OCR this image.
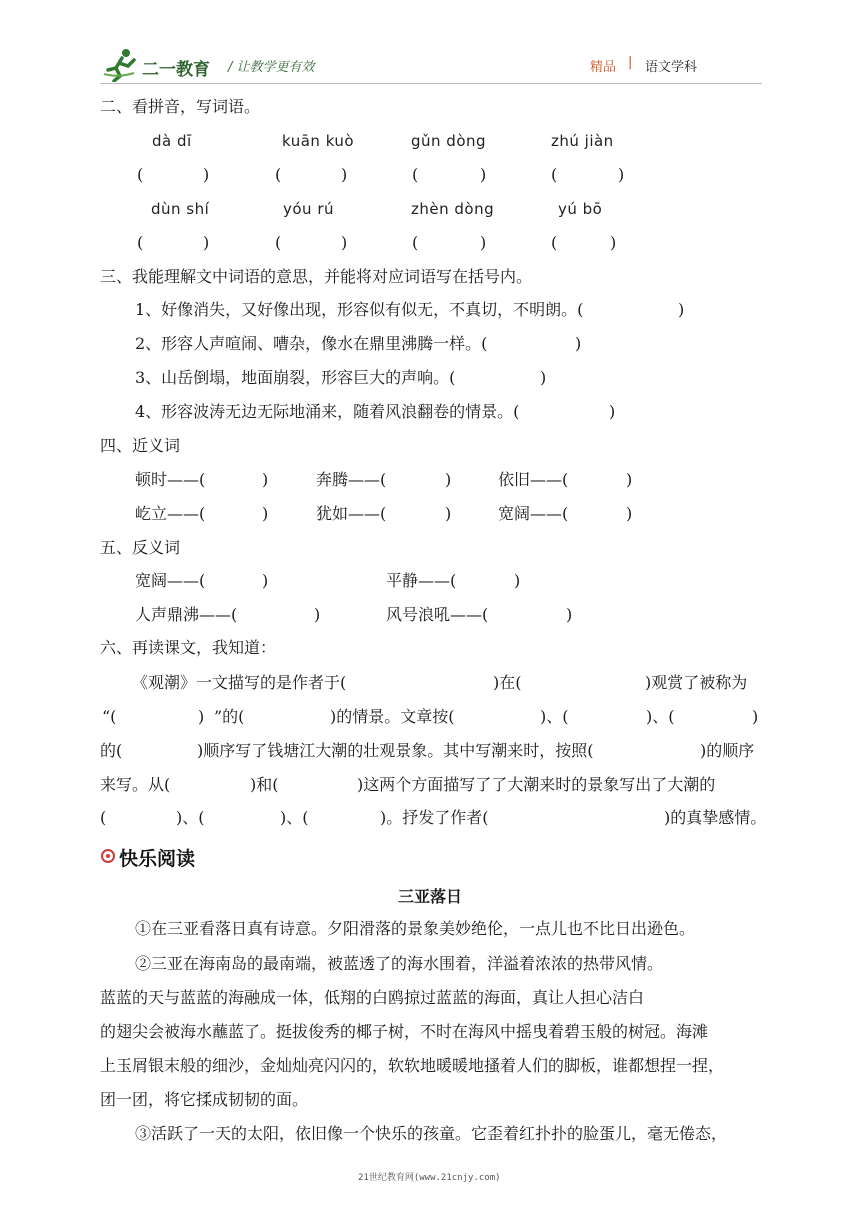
二一教育 / 让教学更有效	精品 | 语文学科
二、看拼音，写词语。
dà dī	kuān kuò	gǔn dòng	zhú jiàn
(	)	(	)	(	)	(	)
dùn shí	yóu rú	zhèn dòng	yú bō
(	)	(	)	(	)	(	)
三、我能理解文中词语的意思，并能将对应词语写在括号内。
1、好像消失，又好像出现，形容似有似无，不真切，不明朗。(	)
2、形容人声喧闹、嘈杂，像水在鼎里沸腾一样。(	)
3、山岳倒塌，地面崩裂，形容巨大的声响。(	)
4、形容波涛无边无际地涌来，随着风浪翻卷的情景。(	)
四、近义词
顿时——(	)	奔腾——(	)	依旧——(	)
屹立——(	)	犹如——(	)	宽阔——(	)
五、反义词
宽阔——(	)	平静——(	)
人声鼎沸——(	)	风号浪吼——(	)
六、再读课文，我知道：
《观潮》一文描写的是作者于(	)在(	)观赏了被称为
“(	) ”的(	)的情景。文章按(	)、(	)、(	)
的(	)顺序写了钱塘江大潮的壮观景象。其中写潮来时，按照(	)的顺序
来写。从(	)和(	)这两个方面描写了了大潮来时的景象写出了大潮的
(	)、(	)、(	)。抒发了作者(	)的真挚感情。
快乐阅读
三亚落日
①在三亚看落日真有诗意。夕阳滑落的景象美妙绝伦，一点儿也不比日出逊色。
②三亚在海南岛的最南端，被蓝透了的海水围着，洋溢着浓浓的热带风情。
蓝蓝的天与蓝蓝的海融成一体，低翔的白鸥掠过蓝蓝的海面，真让人担心洁白
的翅尖会被海水蘸蓝了。挺拔俊秀的椰子树，不时在海风中摇曳着碧玉般的树冠。海滩
上玉屑银末般的细沙，金灿灿亮闪闪的，软软地暖暖地搔着人们的脚板，谁都想捏一捏，
团一团，将它揉成韧韧的面。
③活跃了一天的太阳，依旧像一个快乐的孩童。它歪着红扑扑的脸蛋儿，毫无倦态，
21世纪教育网(www.21cnjy.com)
